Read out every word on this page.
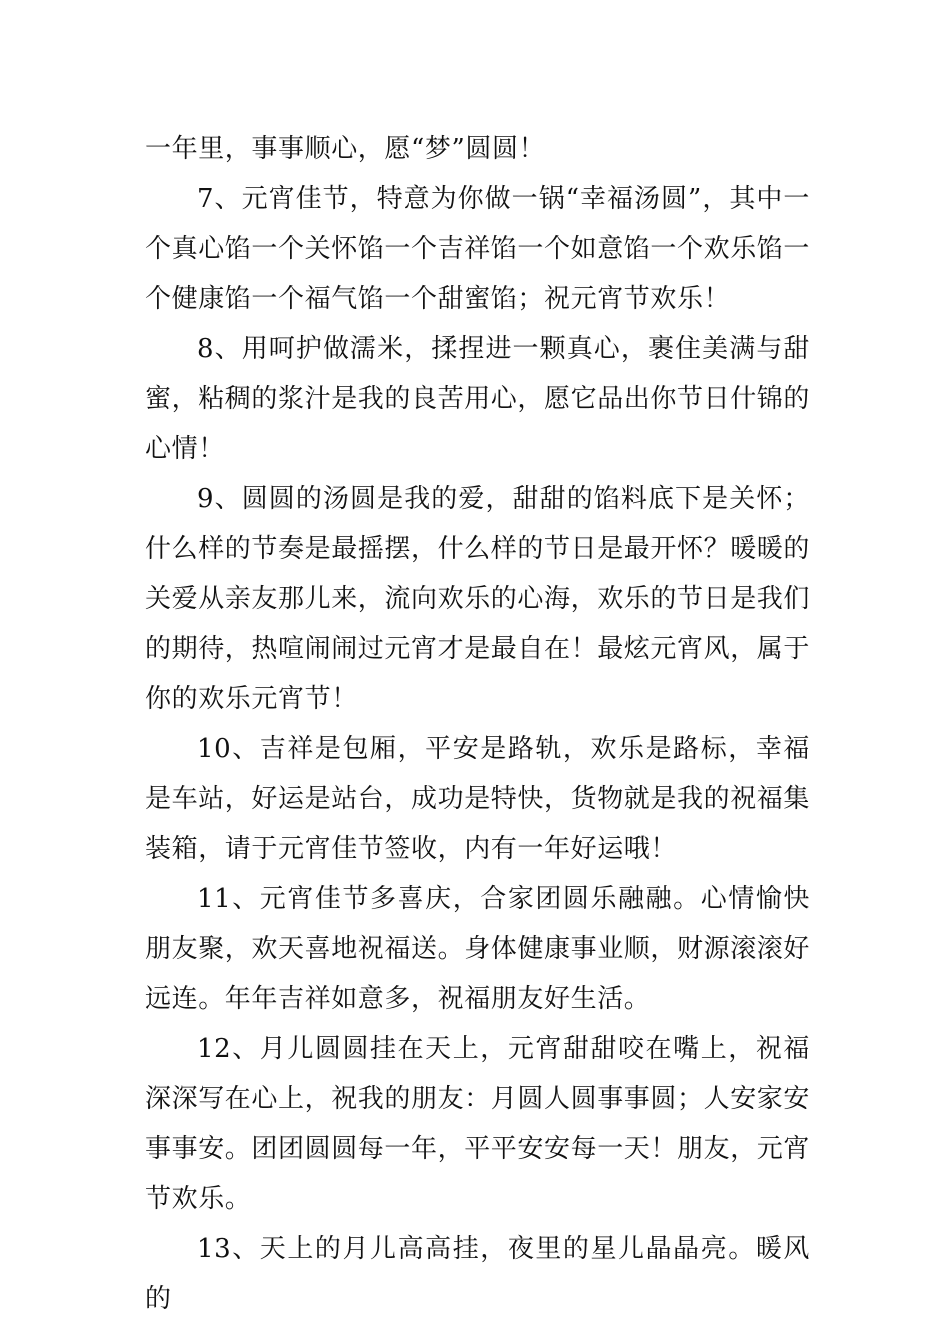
一年里，事事顺心，愿“梦”圆圆！

7、元宵佳节，特意为你做一锅“幸福汤圆”，其中一个真心馅一个关怀馅一个吉祥馅一个如意馅一个欢乐馅一个健康馅一个福气馅一个甜蜜馅；祝元宵节欢乐！

8、用呵护做濡米，揉捏进一颗真心，裹住美满与甜蜜，粘稠的浆汁是我的良苦用心，愿它品出你节日什锦的心情！

9、圆圆的汤圆是我的爱，甜甜的馅料底下是关怀；什么样的节奏是最摇摆，什么样的节日是最开怀？暖暖的关爱从亲友那儿来，流向欢乐的心海，欢乐的节日是我们的期待，热喧闹闹过元宵才是最自在！最炫元宵风，属于你的欢乐元宵节！

10、吉祥是包厢，平安是路轨，欢乐是路标，幸福是车站，好运是站台，成功是特快，货物就是我的祝福集装箱，请于元宵佳节签收，内有一年好运哦！

11、元宵佳节多喜庆，合家团圆乐融融。心情愉快朋友聚，欢天喜地祝福送。身体健康事业顺，财源滚滚好远连。年年吉祥如意多，祝福朋友好生活。

12、月儿圆圆挂在天上，元宵甜甜咬在嘴上，祝福深深写在心上，祝我的朋友：月圆人圆事事圆；人安家安事事安。团团圆圆每一年，平平安安每一天！朋友，元宵节欢乐。

13、天上的月儿高高挂，夜里的星儿晶晶亮。暖风的
